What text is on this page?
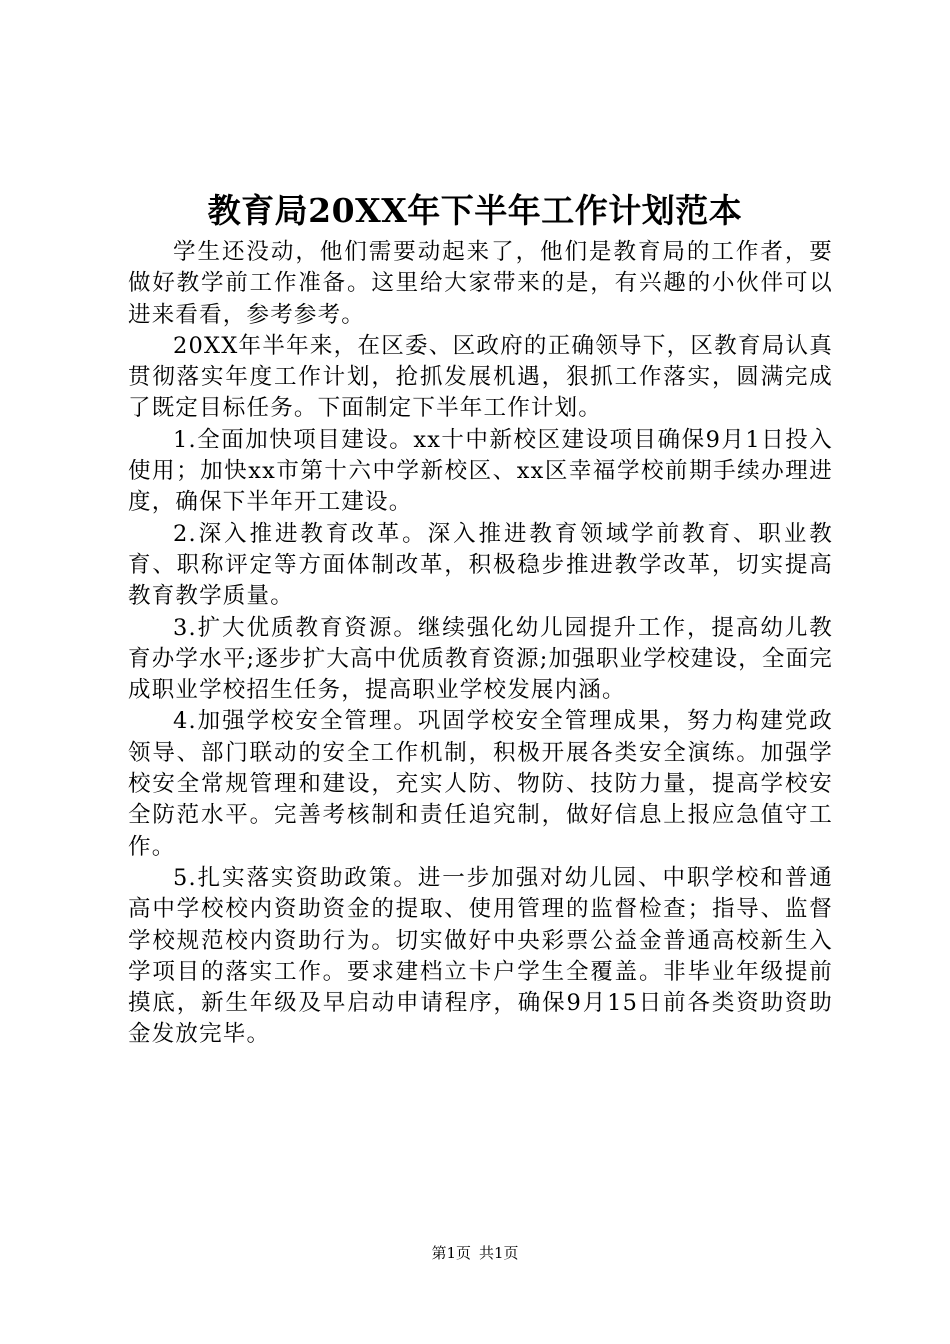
教育局20XX年下半年工作计划范本

学生还没动，他们需要动起来了，他们是教育局的工作者，要做好教学前工作准备。这里给大家带来的是，有兴趣的小伙伴可以进来看看，参考参考。

20XX年半年来，在区委、区政府的正确领导下，区教育局认真贯彻落实年度工作计划，抢抓发展机遇，狠抓工作落实，圆满完成了既定目标任务。下面制定下半年工作计划。

1.全面加快项目建设。xx十中新校区建设项目确保9月1日投入使用；加快xx市第十六中学新校区、xx区幸福学校前期手续办理进度，确保下半年开工建设。

2.深入推进教育改革。深入推进教育领域学前教育、职业教育、职称评定等方面体制改革，积极稳步推进教学改革，切实提高教育教学质量。

3.扩大优质教育资源。继续强化幼儿园提升工作，提高幼儿教育办学水平;逐步扩大高中优质教育资源;加强职业学校建设，全面完成职业学校招生任务，提高职业学校发展内涵。

4.加强学校安全管理。巩固学校安全管理成果，努力构建党政领导、部门联动的安全工作机制，积极开展各类安全演练。加强学校安全常规管理和建设，充实人防、物防、技防力量，提高学校安全防范水平。完善考核制和责任追究制，做好信息上报应急值守工作。

5.扎实落实资助政策。进一步加强对幼儿园、中职学校和普通高中学校校内资助资金的提取、使用管理的监督检查；指导、监督学校规范校内资助行为。切实做好中央彩票公益金普通高校新生入学项目的落实工作。要求建档立卡户学生全覆盖。非毕业年级提前摸底，新生年级及早启动申请程序，确保9月15日前各类资助资助金发放完毕。

第1页 共1页
